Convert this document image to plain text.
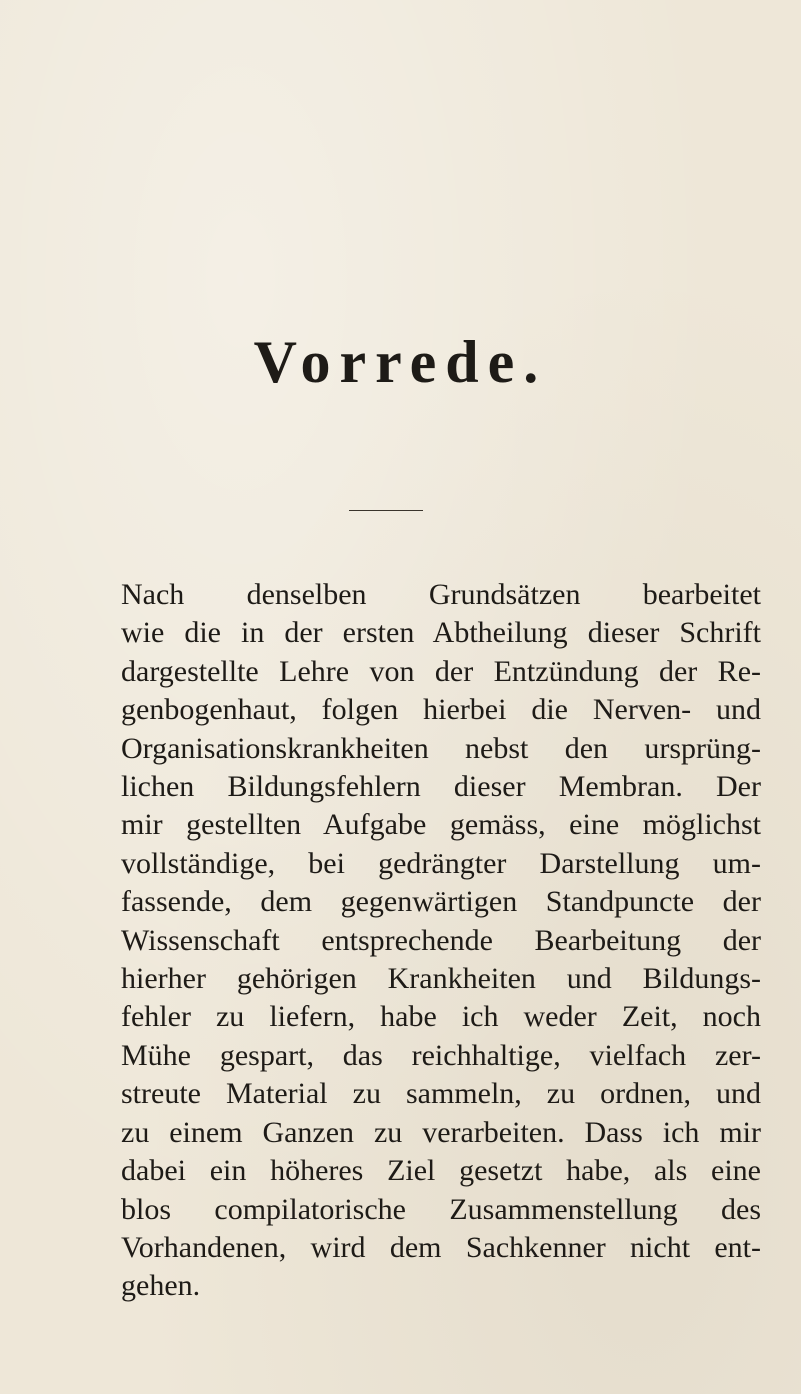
Vorrede.
Nach denselben Grundsätzen bearbeitet
wie die in der ersten Abtheilung dieser Schrift
dargestellte Lehre von der Entzündung der Re-
genbogenhaut, folgen hierbei die Nerven- und
Organisationskrankheiten nebst den ursprüng-
lichen Bildungsfehlern dieser Membran. Der
mir gestellten Aufgabe gemäss, eine möglichst
vollständige, bei gedrängter Darstellung um-
fassende, dem gegenwärtigen Standpuncte der
Wissenschaft entsprechende Bearbeitung der
hierher gehörigen Krankheiten und Bildungs-
fehler zu liefern, habe ich weder Zeit, noch
Mühe gespart, das reichhaltige, vielfach zer-
streute Material zu sammeln, zu ordnen, und
zu einem Ganzen zu verarbeiten. Dass ich mir
dabei ein höheres Ziel gesetzt habe, als eine
blos compilatorische Zusammenstellung des
Vorhandenen, wird dem Sachkenner nicht ent-
gehen.
